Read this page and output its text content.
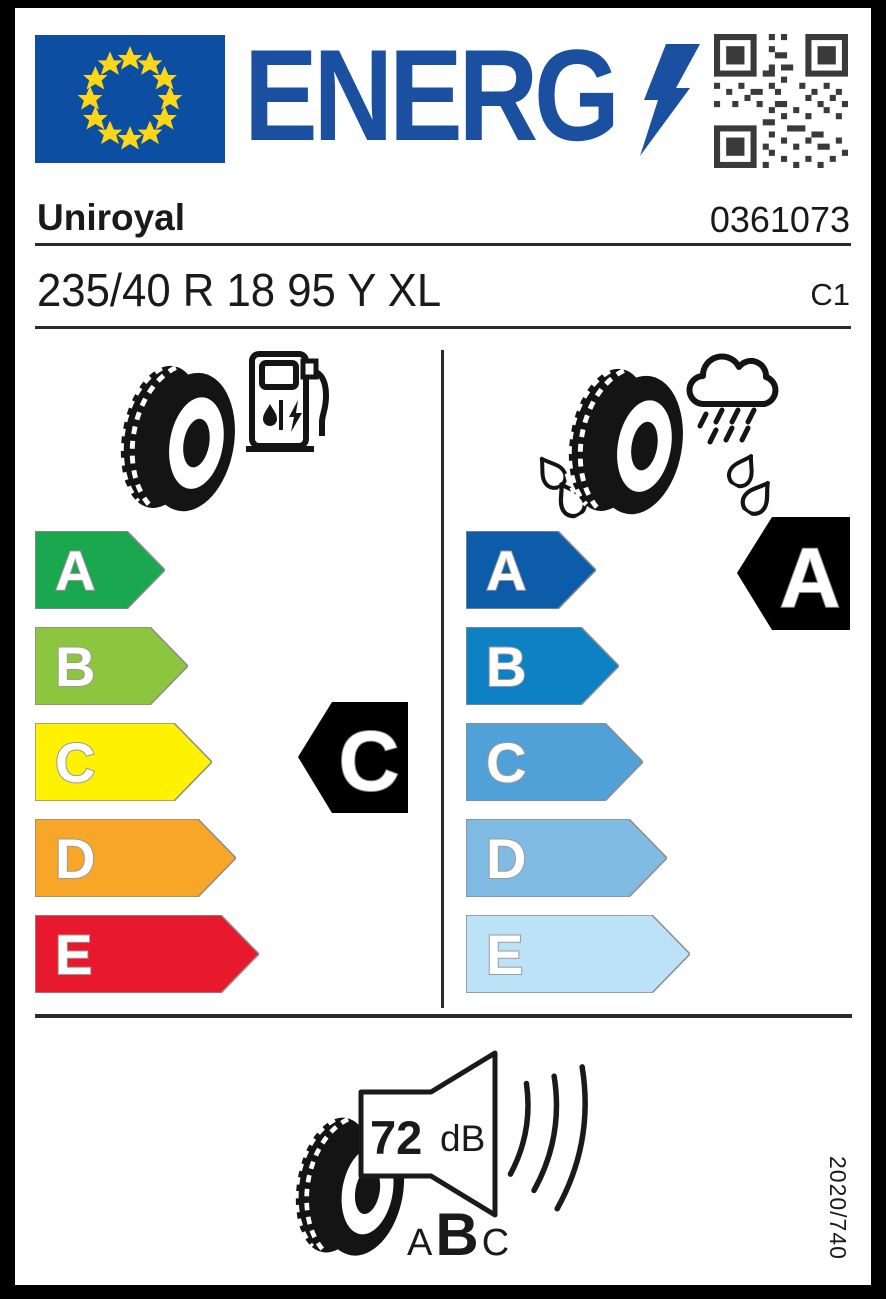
ENERG
Uniroyal	0361073
235/40 R 18 95 Y XL	C1
A
B
C
D
E
A
B
C
D
E
C
A
72 dB
A B C	2020/740
